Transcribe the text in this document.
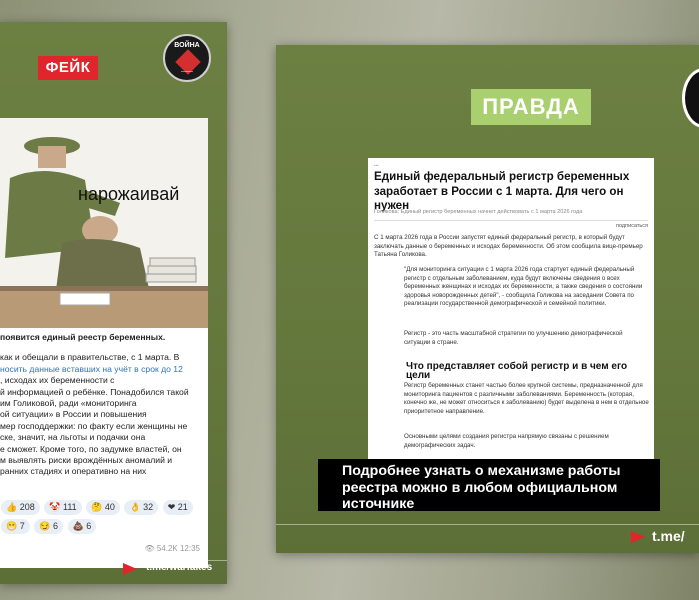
ФЕЙК
ВОЙНА
——
нарожаивай
появится единый реестр беременных.
как и обещали в правительстве, с 1 марта. В
носить данные вставших на учёт в срок до 12
, исходах их беременности с
й информацией о ребёнке. Понадобился такой
им Голиковой, ради «мониторинга
ой ситуации» в России и повышения
мер господдержки: по факту если женщины не
ске, значит, на льготы и подачки она
е сможет. Кроме того, по задумке властей, он
м выявлять риски врождённых аномалий и
ранних стадиях и оперативно на них
👍 208 🤡 111 🤔 40 👌 32 ❤ 21
😁 7 😏 6 💩 6
👁 54.2K 12:35
t.me/warfakes
ПРАВДА
•••
Единый федеральный регистр беременных заработает в России с 1 марта. Для чего он нужен
Голикова: Единый регистр беременных начнет действовать с 1 марта 2026 года
подписаться
С 1 марта 2026 года в России запустят единый федеральный регистр, в который будут заключать данные о беременных и исходах беременности. Об этом сообщила вице-премьер Татьяна Голикова.
"Для мониторинга ситуации с 1 марта 2026 года стартует единый федеральный регистр с отдельным заболеванием, куда будут включены сведения о всех беременных женщинах и исходах их беременности, а также сведения о состоянии здоровья новорожденных детей", - сообщила Голикова на заседании Совета по реализации государственной демографической и семейной политики.
Регистр - это часть масштабной стратегии по улучшению демографической ситуации в стране.
Что представляет собой регистр и в чем его цели
Регистр беременных станет частью более крупной системы, предназначенной для мониторинга пациентов с различными заболеваниями. Беременность (которая, конечно же, не может относиться к заболеванию) будет выделена в нем в отдельное приоритетное направление.
Основными целями создания регистра напрямую связаны с решением демографических задач.
t.me/
Подробнее узнать о механизме работы реестра можно в любом официальном источнике
